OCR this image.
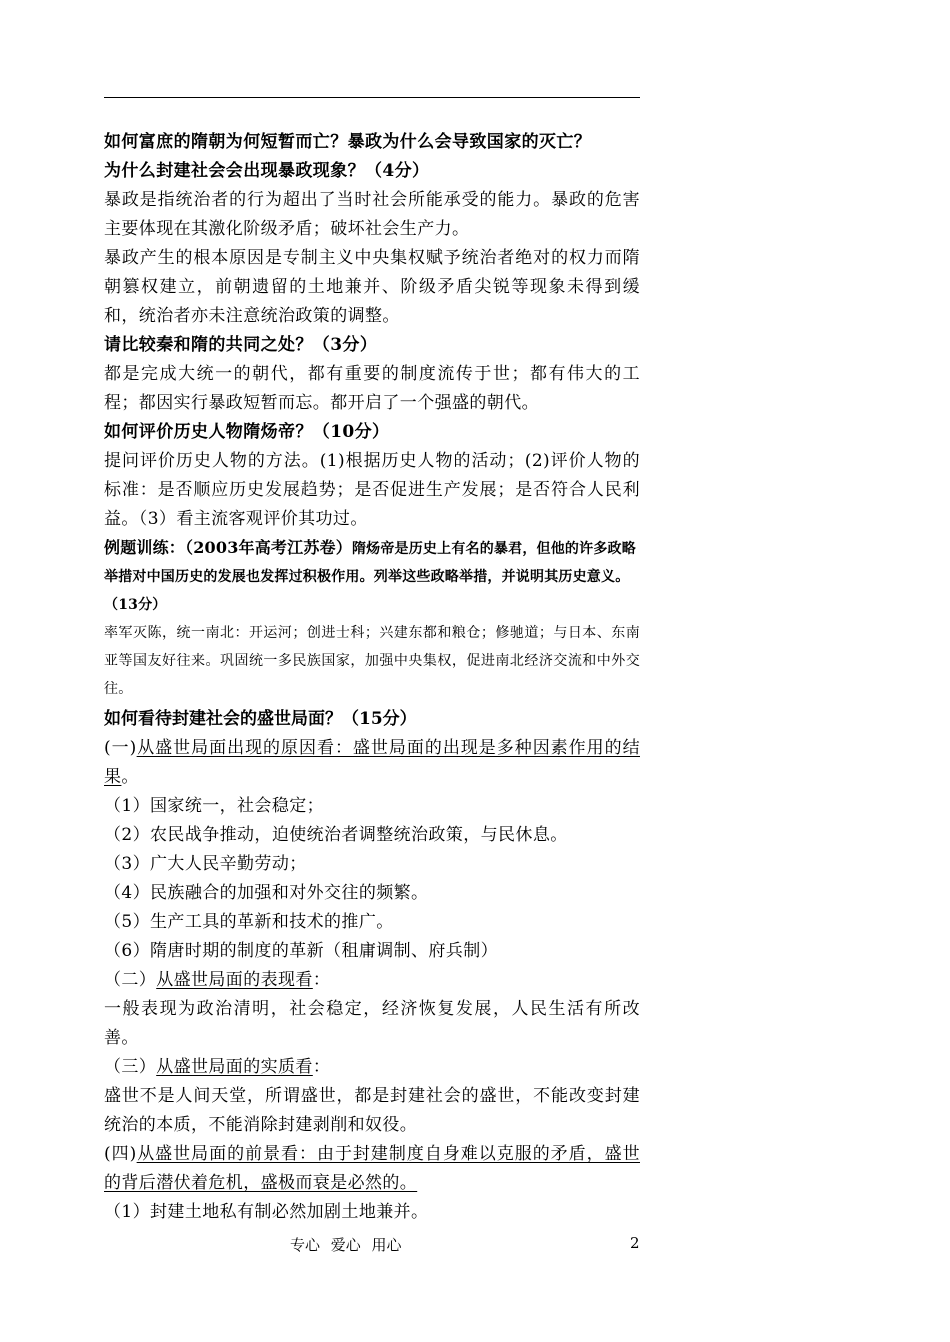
如何富庶的隋朝为何短暂而亡？暴政为什么会导致国家的灭亡？
为什么封建社会会出现暴政现象？（4分）
暴政是指统治者的行为超出了当时社会所能承受的能力。暴政的危害主要体现在其激化阶级矛盾；破坏社会生产力。
暴政产生的根本原因是专制主义中央集权赋予统治者绝对的权力而隋朝篡权建立，前朝遗留的土地兼并、阶级矛盾尖锐等现象未得到缓和，统治者亦未注意统治政策的调整。
请比较秦和隋的共同之处？（3分）
都是完成大统一的朝代，都有重要的制度流传于世；都有伟大的工程；都因实行暴政短暂而忘。都开启了一个强盛的朝代。
如何评价历史人物隋炀帝？（10分）
提问评价历史人物的方法。(1)根据历史人物的活动；(2)评价人物的标准：是否顺应历史发展趋势；是否促进生产发展；是否符合人民利益。（3）看主流客观评价其功过。
例题训练：（2003年高考江苏卷）隋炀帝是历史上有名的暴君，但他的许多政略举措对中国历史的发展也发挥过积极作用。列举这些政略举措，并说明其历史意义。（13分）
率军灭陈，统一南北：开运河；创进士科；兴建东都和粮仓；修驰道；与日本、东南亚等国友好往来。巩固统一多民族国家，加强中央集权，促进南北经济交流和中外交往。
如何看待封建社会的盛世局面？（15分）
(一)从盛世局面出现的原因看：盛世局面的出现是多种因素作用的结果。
（1）国家统一，社会稳定；
（2）农民战争推动，迫使统治者调整统治政策，与民休息。
（3）广大人民辛勤劳动；
（4）民族融合的加强和对外交往的频繁。
（5）生产工具的革新和技术的推广。
（6）隋唐时期的制度的革新（租庸调制、府兵制）
（二）从盛世局面的表现看：
一般表现为政治清明，社会稳定，经济恢复发展，人民生活有所改善。
（三）从盛世局面的实质看：
盛世不是人间天堂，所谓盛世，都是封建社会的盛世，不能改变封建统治的本质，不能消除封建剥削和奴役。
(四)从盛世局面的前景看：由于封建制度自身难以克服的矛盾，盛世的背后潜伏着危机，盛极而衰是必然的。
（1）封建土地私有制必然加剧土地兼并。
专心 爱心 用心	2
